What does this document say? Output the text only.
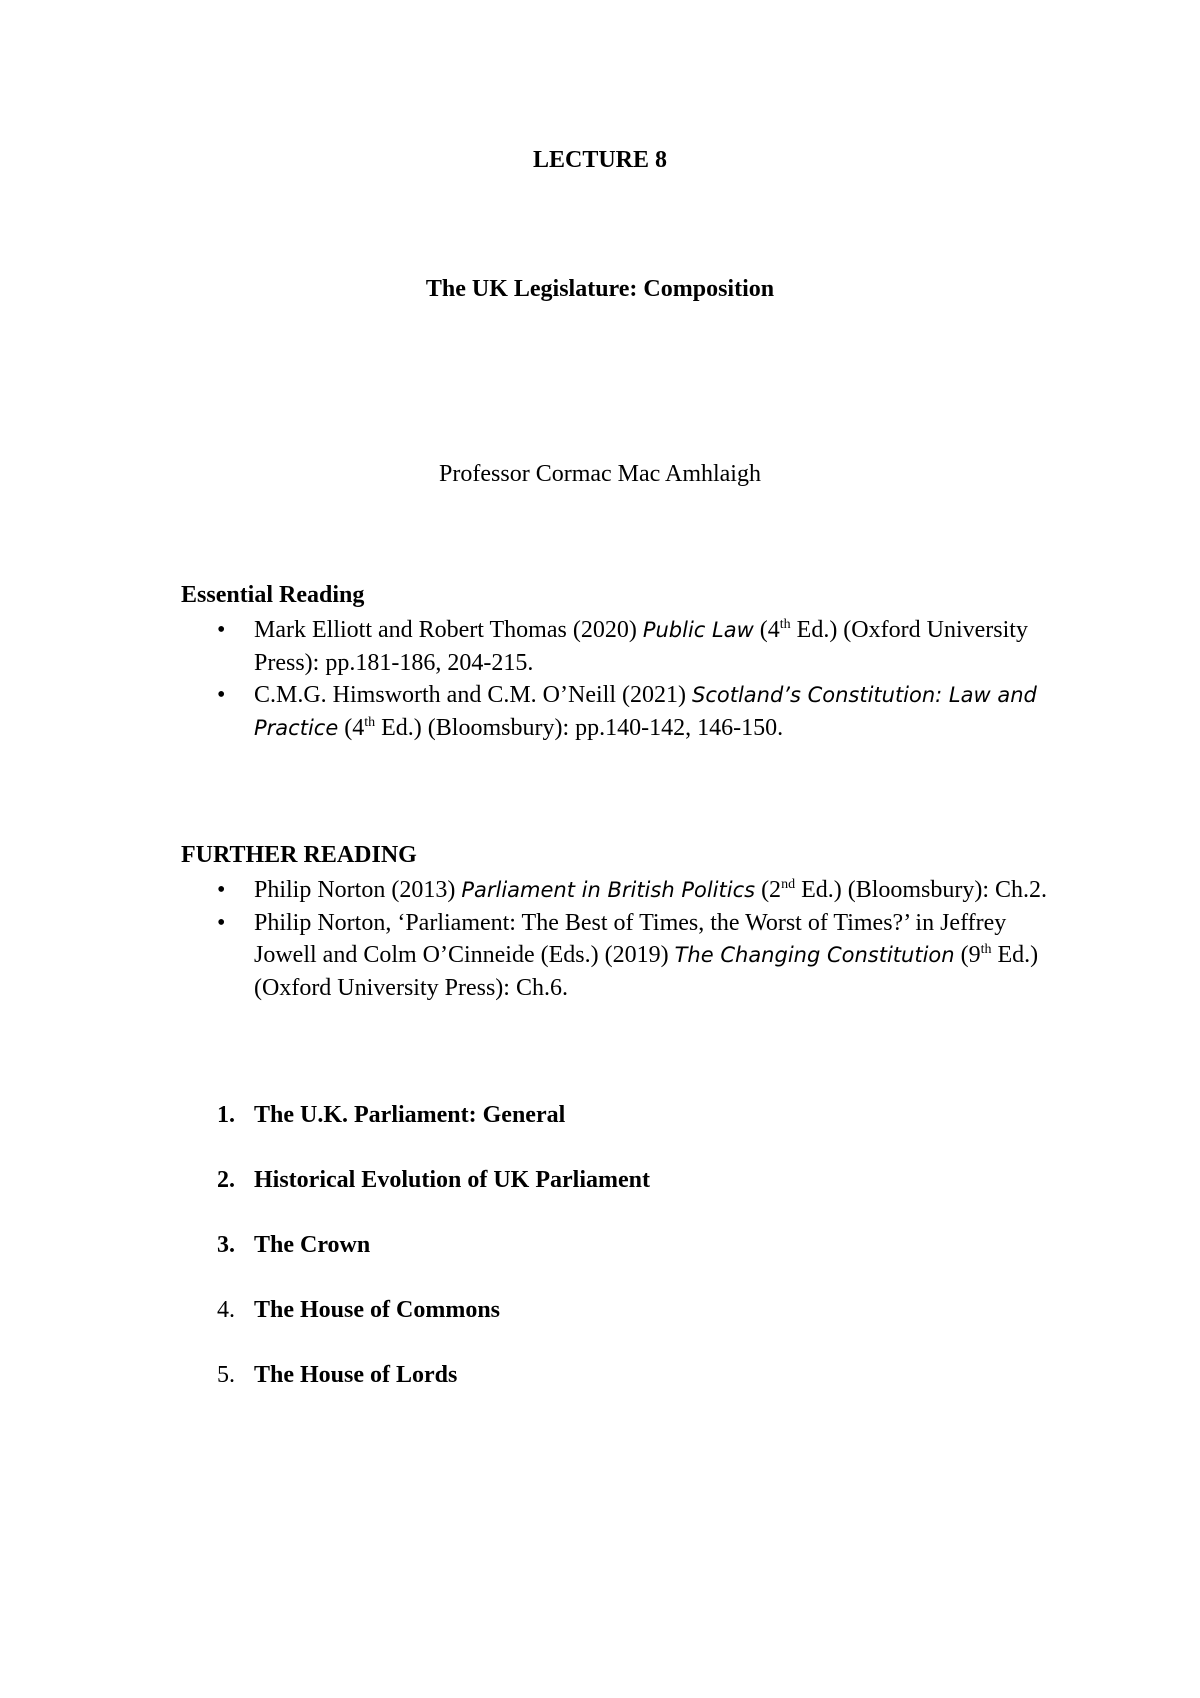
LECTURE 8
The UK Legislature: Composition
Professor Cormac Mac Amhlaigh
Essential Reading
• Mark Elliott and Robert Thomas (2020) Public Law (4th Ed.) (Oxford University Press): pp.181-186, 204-215.
• C.M.G. Himsworth and C.M. O’Neill (2021) Scotland’s Constitution: Law and Practice (4th Ed.) (Bloomsbury): pp.140-142, 146-150.
FURTHER READING
• Philip Norton (2013) Parliament in British Politics (2nd Ed.) (Bloomsbury): Ch.2.
• Philip Norton, ‘Parliament: The Best of Times, the Worst of Times?’ in Jeffrey Jowell and Colm O’Cinneide (Eds.) (2019) The Changing Constitution (9th Ed.) (Oxford University Press): Ch.6.
1. The U.K. Parliament: General
2. Historical Evolution of UK Parliament
3. The Crown
4. The House of Commons
5. The House of Lords
